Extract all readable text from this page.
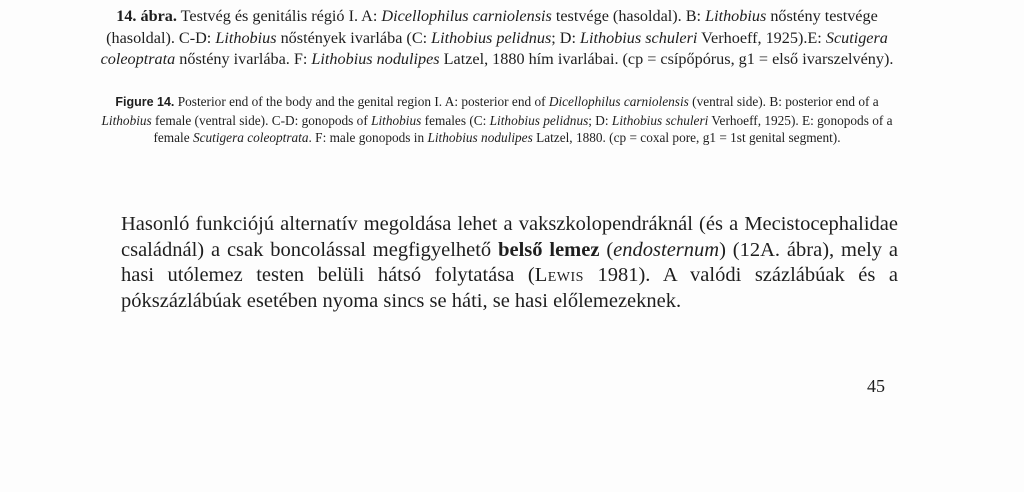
14. ábra. Testvég és genitális régió I. A: Dicellophilus carniolensis testvége (hasoldal). B: Lithobius nőstény testvége (hasoldal). C-D: Lithobius nőstények ivarlába (C: Lithobius pelidnus; D: Lithobius schuleri Verhoeff, 1925).E: Scutigera coleoptrata nőstény ivarlába. F: Lithobius nodulipes Latzel, 1880 hím ivarlábai. (cp = csípőpórus, g1 = első ivarszelvény).
Figure 14. Posterior end of the body and the genital region I. A: posterior end of Dicellophilus carniolensis (ventral side). B: posterior end of a Lithobius female (ventral side). C-D: gonopods of Lithobius females (C: Lithobius pelidnus; D: Lithobius schuleri Verhoeff, 1925). E: gonopods of a female Scutigera coleoptrata. F: male gonopods in Lithobius nodulipes Latzel, 1880. (cp = coxal pore, g1 = 1st genital segment).

Hasonló funkciójú alternatív megoldása lehet a vakszkolopendráknál (és a Mecistocephalidae családnál) a csak boncolással megfigyelhető belső lemez (endosternum) (12A. ábra), mely a hasi utólemez testen belüli hátsó folytatása (Lewis 1981). A valódi százlábúak és a pókszázlábúak esetében nyoma sincs se háti, se hasi előlemezeknek.

45
